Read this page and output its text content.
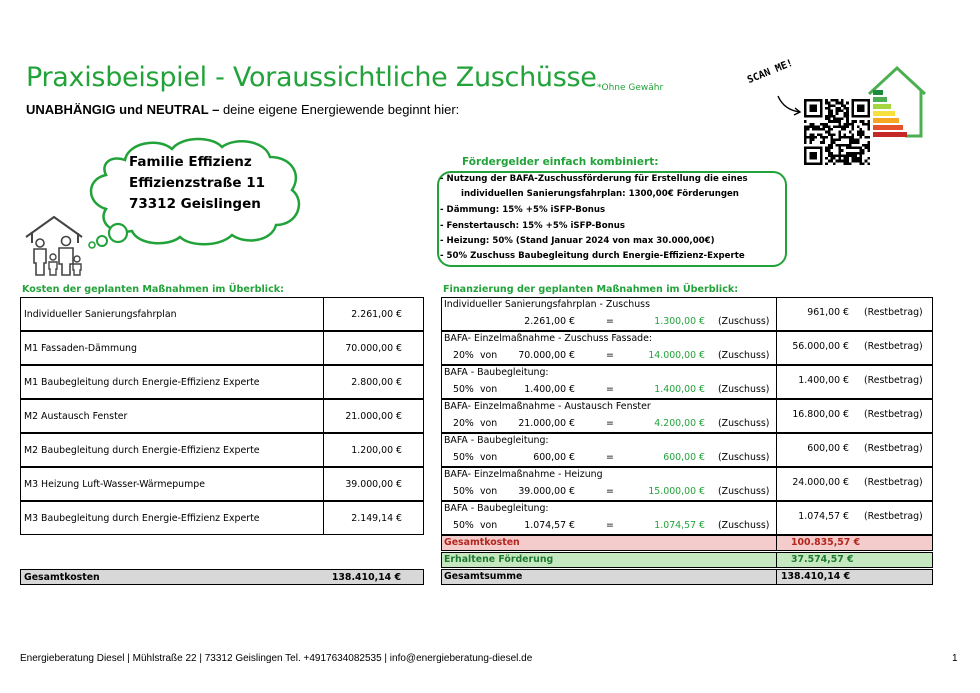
Praxisbeispiel - Voraussichtliche Zuschüsse *Ohne Gewähr
UNABHÄNGIG und NEUTRAL – deine eigene Energiewende beginnt hier:
Familie Effizienz
Effizienzstraße 11
73312 Geislingen
SCAN ME!
Fördergelder einfach kombiniert:
- Nutzung der BAFA-Zuschussförderung für Erstellung die eines
individuellen Sanierungsfahrplan: 1300,00€ Förderungen
- Dämmung: 15% +5% iSFP-Bonus
- Fenstertausch: 15% +5% iSFP-Bonus
- Heizung: 50% (Stand Januar 2024 von max 30.000,00€)
- 50% Zuschuss Baubegleitung durch Energie-Effizienz-Experte
Kosten der geplanten Maßnahmen im Überblick:
Individueller Sanierungsfahrplan	2.261,00 €
M1 Fassaden-Dämmung	70.000,00 €
M1 Baubegleitung durch Energie-Effizienz Experte	2.800,00 €
M2 Austausch Fenster	21.000,00 €
M2 Baubegleitung durch Energie-Effizienz Experte	1.200,00 €
M3 Heizung Luft-Wasser-Wärmepumpe	39.000,00 €
M3 Baubegleitung durch Energie-Effizienz Experte	2.149,14 €
Gesamtkosten	138.410,14 €
Finanzierung der geplanten Maßnahmen im Überblick:
Individueller Sanierungsfahrplan - Zuschuss
2.261,00 €	=	1.300,00 € (Zuschuss)
961,00 € (Restbetrag)
BAFA- Einzelmaßnahme - Zuschuss Fassade:
20% von 70.000,00 €	=	14.000,00 € (Zuschuss)
56.000,00 € (Restbetrag)
BAFA - Baubegleitung:
50% von	1.400,00 €	=	1.400,00 € (Zuschuss)
1.400,00 € (Restbetrag)
BAFA- Einzelmaßnahme - Austausch Fenster
20% von 21.000,00 €	=	4.200,00 € (Zuschuss)
16.800,00 € (Restbetrag)
BAFA - Baubegleitung:
50% von	600,00 €	=	600,00 € (Zuschuss)
600,00 € (Restbetrag)
BAFA- Einzelmaßnahme - Heizung
50% von 39.000,00 €	=	15.000,00 € (Zuschuss)
24.000,00 € (Restbetrag)
BAFA - Baubegleitung:
50% von	1.074,57 €	=	1.074,57 € (Zuschuss)
1.074,57 € (Restbetrag)
Gesamtkosten	100.835,57 €
Erhaltene Förderung	37.574,57 €
Gesamtsumme	138.410,14 €
Energieberatung Diesel | Mühlstraße 22 | 73312 Geislingen Tel. +4917634082535 | info@energieberatung-diesel.de	1
